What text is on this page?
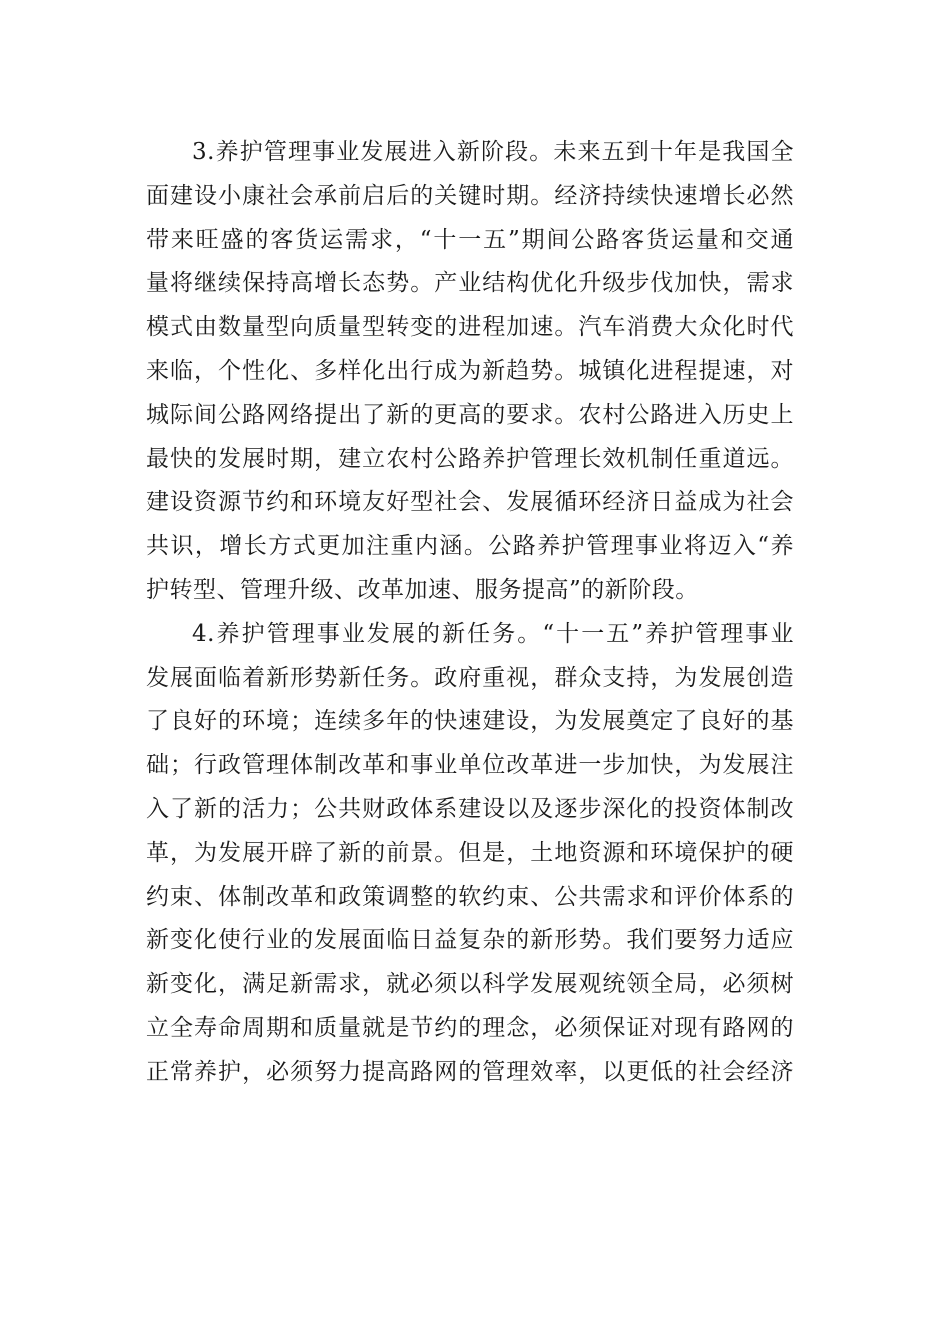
3.养护管理事业发展进入新阶段。未来五到十年是我国全
面建设小康社会承前启后的关键时期。经济持续快速增长必然
带来旺盛的客货运需求，“十一五”期间公路客货运量和交通
量将继续保持高增长态势。产业结构优化升级步伐加快，需求
模式由数量型向质量型转变的进程加速。汽车消费大众化时代
来临，个性化、多样化出行成为新趋势。城镇化进程提速，对
城际间公路网络提出了新的更高的要求。农村公路进入历史上
最快的发展时期，建立农村公路养护管理长效机制任重道远。
建设资源节约和环境友好型社会、发展循环经济日益成为社会
共识，增长方式更加注重内涵。公路养护管理事业将迈入“养
护转型、管理升级、改革加速、服务提高”的新阶段。
4.养护管理事业发展的新任务。“十一五”养护管理事业
发展面临着新形势新任务。政府重视，群众支持，为发展创造
了良好的环境；连续多年的快速建设，为发展奠定了良好的基
础；行政管理体制改革和事业单位改革进一步加快，为发展注
入了新的活力；公共财政体系建设以及逐步深化的投资体制改
革，为发展开辟了新的前景。但是，土地资源和环境保护的硬
约束、体制改革和政策调整的软约束、公共需求和评价体系的
新变化使行业的发展面临日益复杂的新形势。我们要努力适应
新变化，满足新需求，就必须以科学发展观统领全局，必须树
立全寿命周期和质量就是节约的理念，必须保证对现有路网的
正常养护，必须努力提高路网的管理效率，以更低的社会经济
